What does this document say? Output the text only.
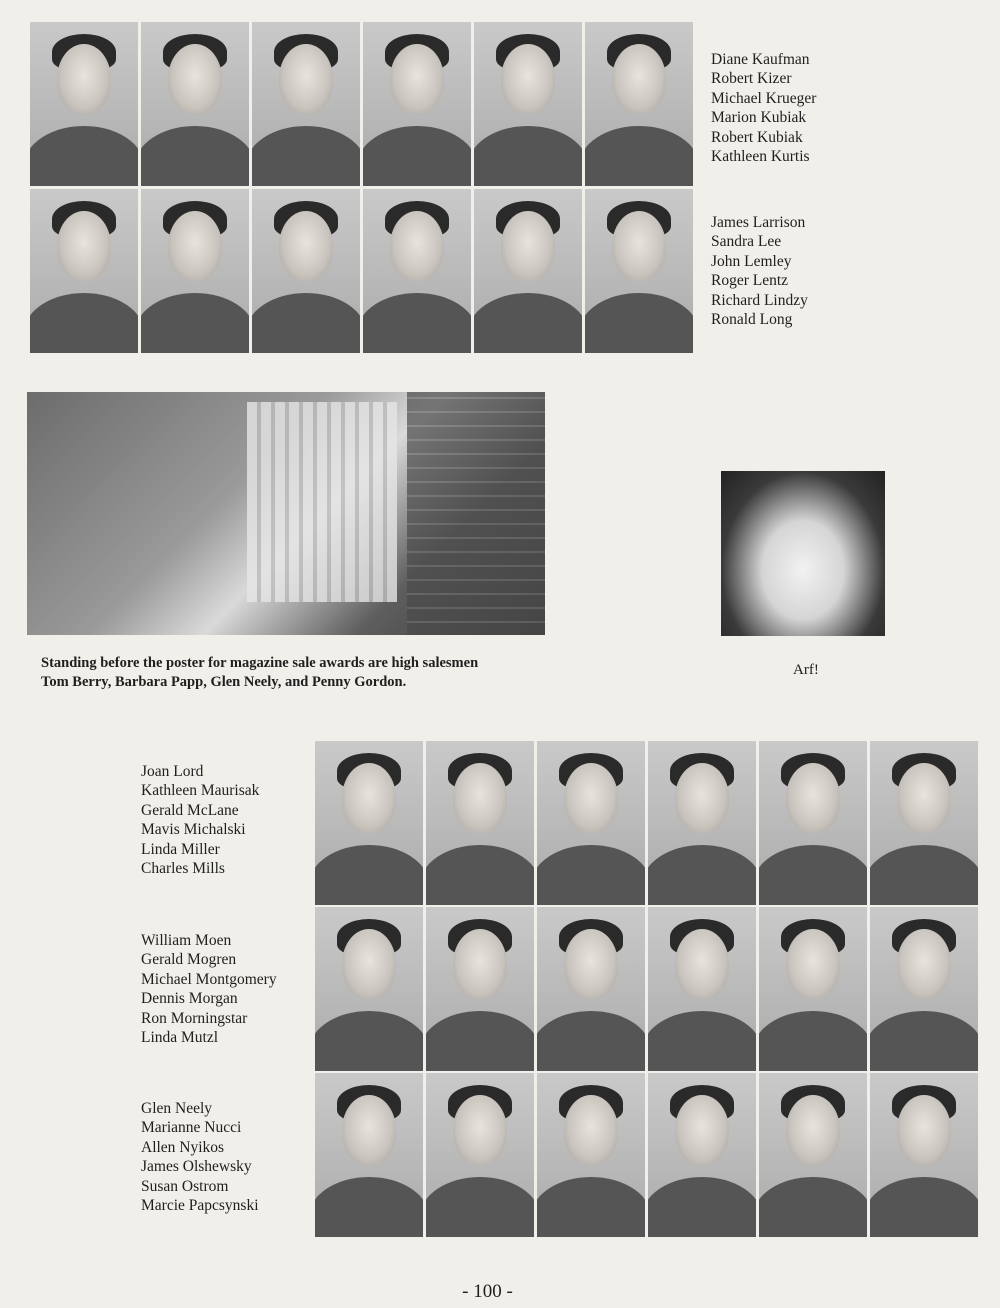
Diane Kaufman
Robert Kizer
Michael Krueger
Marion Kubiak
Robert Kubiak
Kathleen Kurtis
James Larrison
Sandra Lee
John Lemley
Roger Lentz
Richard Lindzy
Ronald Long
Standing before the poster for magazine sale awards are high salesmen
Tom Berry, Barbara Papp, Glen Neely, and Penny Gordon.
Arf!
Joan Lord
Kathleen Maurisak
Gerald McLane
Mavis Michalski
Linda Miller
Charles Mills
William Moen
Gerald Mogren
Michael Montgomery
Dennis Morgan
Ron Morningstar
Linda Mutzl
Glen Neely
Marianne Nucci
Allen Nyikos
James Olshewsky
Susan Ostrom
Marcie Papcsynski
- 100 -
